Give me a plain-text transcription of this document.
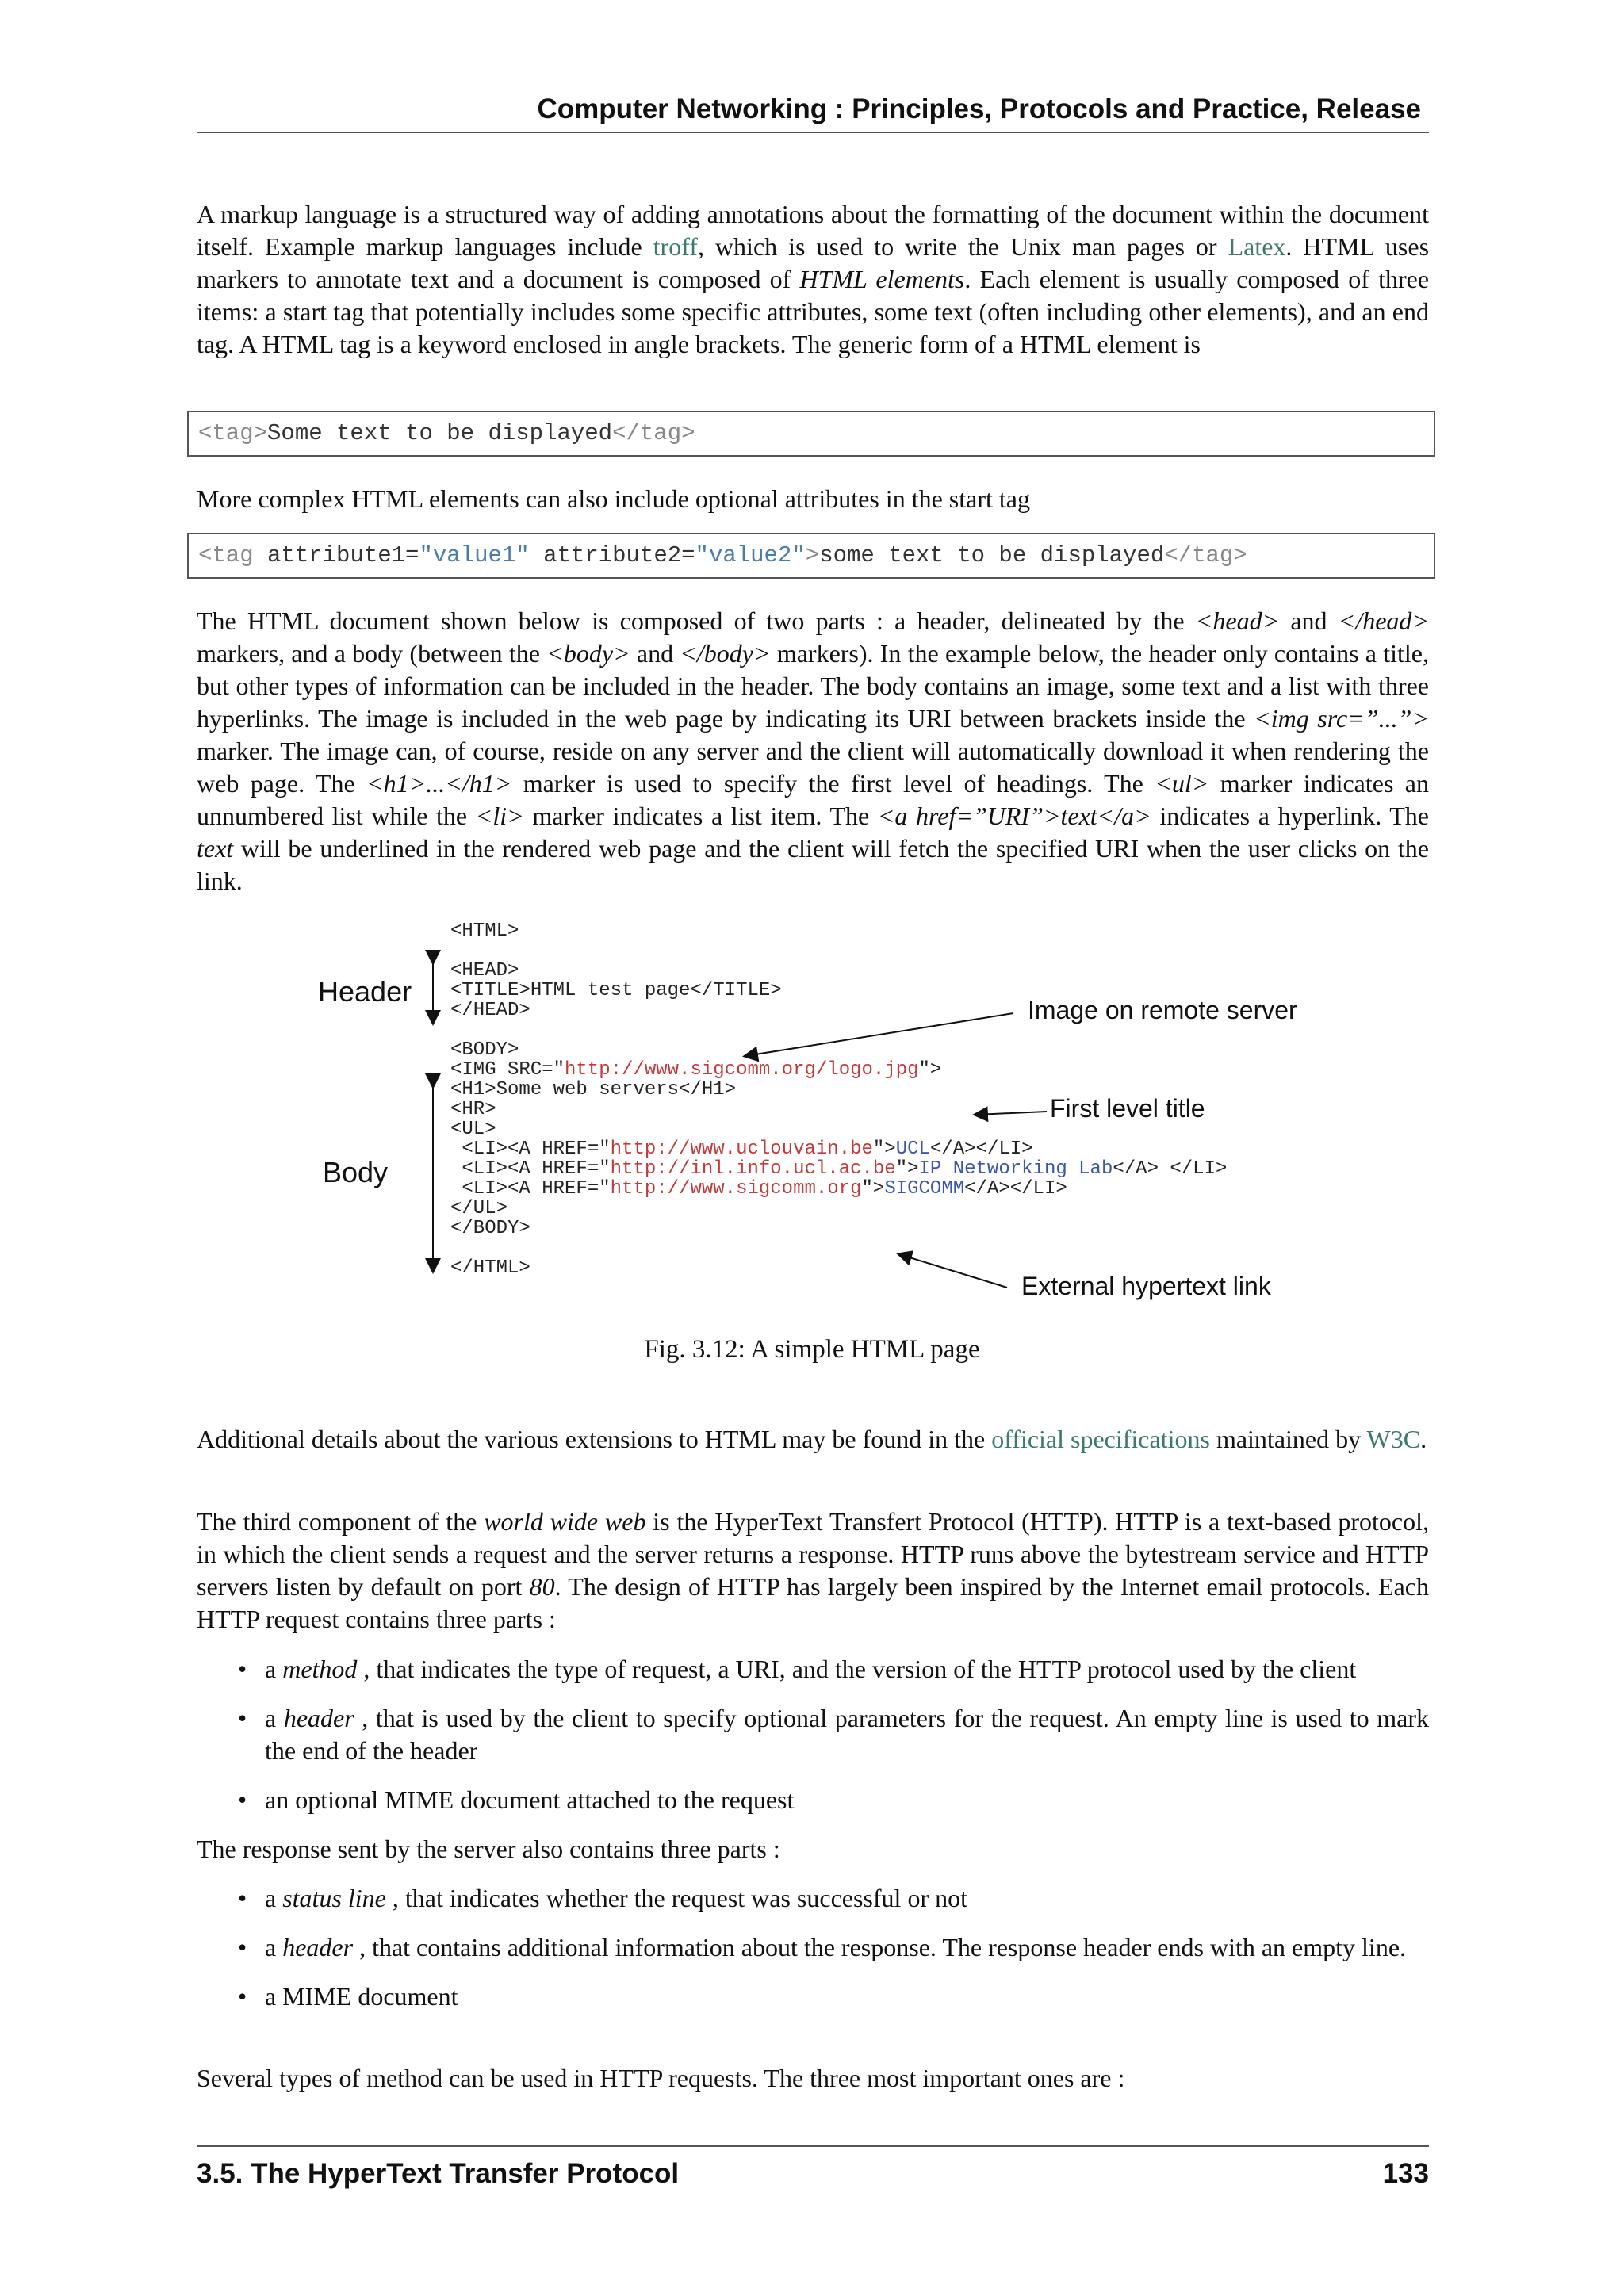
Computer Networking : Principles, Protocols and Practice, Release

A markup language is a structured way of adding annotations about the formatting of the document within the document itself. Example markup languages include troff, which is used to write the Unix man pages or Latex. HTML uses markers to annotate text and a document is composed of HTML elements. Each element is usually composed of three items: a start tag that potentially includes some specific attributes, some text (often including other elements), and an end tag. A HTML tag is a keyword enclosed in angle brackets. The generic form of a HTML element is

<tag>Some text to be displayed</tag>

More complex HTML elements can also include optional attributes in the start tag

<tag attribute1="value1" attribute2="value2">some text to be displayed</tag>

The HTML document shown below is composed of two parts : a header, delineated by the <head> and </head> markers, and a body (between the <body> and </body> markers). In the example below, the header only contains a title, but other types of information can be included in the header. The body contains an image, some text and a list with three hyperlinks. The image is included in the web page by indicating its URI between brackets inside the <img src=”...”> marker. The image can, of course, reside on any server and the client will automatically download it when rendering the web page. The <h1>...</h1> marker is used to specify the first level of headings. The <ul> marker indicates an unnumbered list while the <li> marker indicates a list item. The <a href=”URI”>text</a> indicates a hyperlink. The text will be underlined in the rendered web page and the client will fetch the specified URI when the user clicks on the link.

<HTML>
<HEAD>
<TITLE>HTML test page</TITLE>
</HEAD>
<BODY>
<IMG SRC="http://www.sigcomm.org/logo.jpg">
<H1>Some web servers</H1>
<HR>
<UL>
<LI><A HREF="http://www.uclouvain.be">UCL</A></LI>
<LI><A HREF="http://inl.info.ucl.ac.be">IP Networking Lab</A> </LI>
<LI><A HREF="http://www.sigcomm.org">SIGCOMM</A></LI>
</UL>
</BODY>
</HTML>
Header
Body
Image on remote server
First level title
External hypertext link
Fig. 3.12: A simple HTML page

Additional details about the various extensions to HTML may be found in the official specifications maintained by W3C.

The third component of the world wide web is the HyperText Transfert Protocol (HTTP). HTTP is a text-based protocol, in which the client sends a request and the server returns a response. HTTP runs above the bytestream service and HTTP servers listen by default on port 80. The design of HTTP has largely been inspired by the Internet email protocols. Each HTTP request contains three parts :

• a method , that indicates the type of request, a URI, and the version of the HTTP protocol used by the client
• a header , that is used by the client to specify optional parameters for the request. An empty line is used to mark the end of the header
• an optional MIME document attached to the request

The response sent by the server also contains three parts :

• a status line , that indicates whether the request was successful or not
• a header , that contains additional information about the response. The response header ends with an empty line.
• a MIME document

Several types of method can be used in HTTP requests. The three most important ones are :

3.5. The HyperText Transfer Protocol	133
